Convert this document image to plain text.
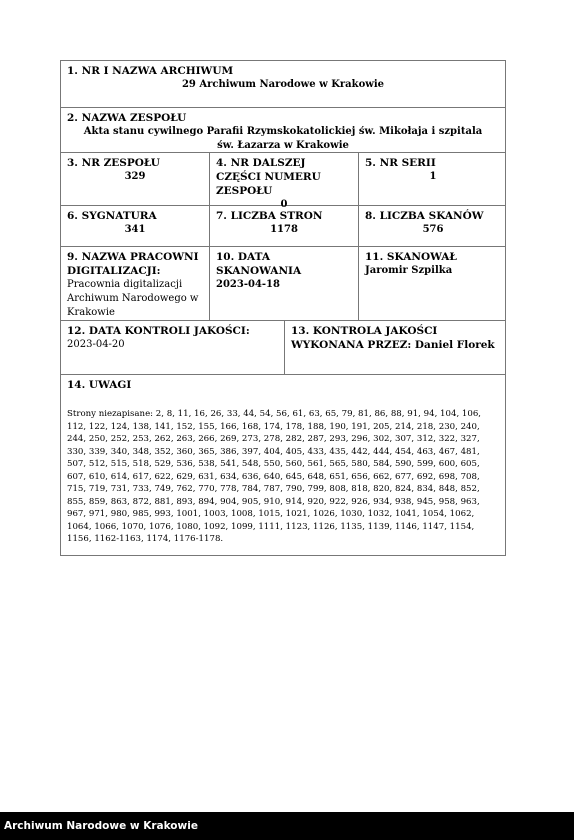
1. NR I NAZWA ARCHIWUM
29 Archiwum Narodowe w Krakowie
2. NAZWA ZESPOŁU
Akta stanu cywilnego Parafii Rzymskokatolickiej św. Mikołaja i szpitala św. Łazarza w Krakowie
3. NR ZESPOŁU
329
4. NR DALSZEJ CZĘŚCI NUMERU ZESPOŁU
0
5. NR SERII
1
6. SYGNATURA
341
7. LICZBA STRON
1178
8. LICZBA SKANÓW
576
9. NAZWA PRACOWNI DIGITALIZACJI:
Pracownia digitalizacji Archiwum Narodowego w Krakowie
10. DATA SKANOWANIA
2023-04-18
11. SKANOWAŁ
Jaromir Szpilka
12. DATA KONTROLI JAKOŚCI:
2023-04-20
13. KONTROLA JAKOŚCI WYKONANA PRZEZ: Daniel Florek
14. UWAGI
Strony niezapisane: 2, 8, 11, 16, 26, 33, 44, 54, 56, 61, 63, 65, 79, 81, 86, 88, 91, 94, 104, 106, 112, 122, 124, 138, 141, 152, 155, 166, 168, 174, 178, 188, 190, 191, 205, 214, 218, 230, 240, 244, 250, 252, 253, 262, 263, 266, 269, 273, 278, 282, 287, 293, 296, 302, 307, 312, 322, 327, 330, 339, 340, 348, 352, 360, 365, 386, 397, 404, 405, 433, 435, 442, 444, 454, 463, 467, 481, 507, 512, 515, 518, 529, 536, 538, 541, 548, 550, 560, 561, 565, 580, 584, 590, 599, 600, 605, 607, 610, 614, 617, 622, 629, 631, 634, 636, 640, 645, 648, 651, 656, 662, 677, 692, 698, 708, 715, 719, 731, 733, 749, 762, 770, 778, 784, 787, 790, 799, 808, 818, 820, 824, 834, 848, 852, 855, 859, 863, 872, 881, 893, 894, 904, 905, 910, 914, 920, 922, 926, 934, 938, 945, 958, 963, 967, 971, 980, 985, 993, 1001, 1003, 1008, 1015, 1021, 1026, 1030, 1032, 1041, 1054, 1062, 1064, 1066, 1070, 1076, 1080, 1092, 1099, 1111, 1123, 1126, 1135, 1139, 1146, 1147, 1154, 1156, 1162-1163, 1174, 1176-1178.
Archiwum Narodowe w Krakowie
